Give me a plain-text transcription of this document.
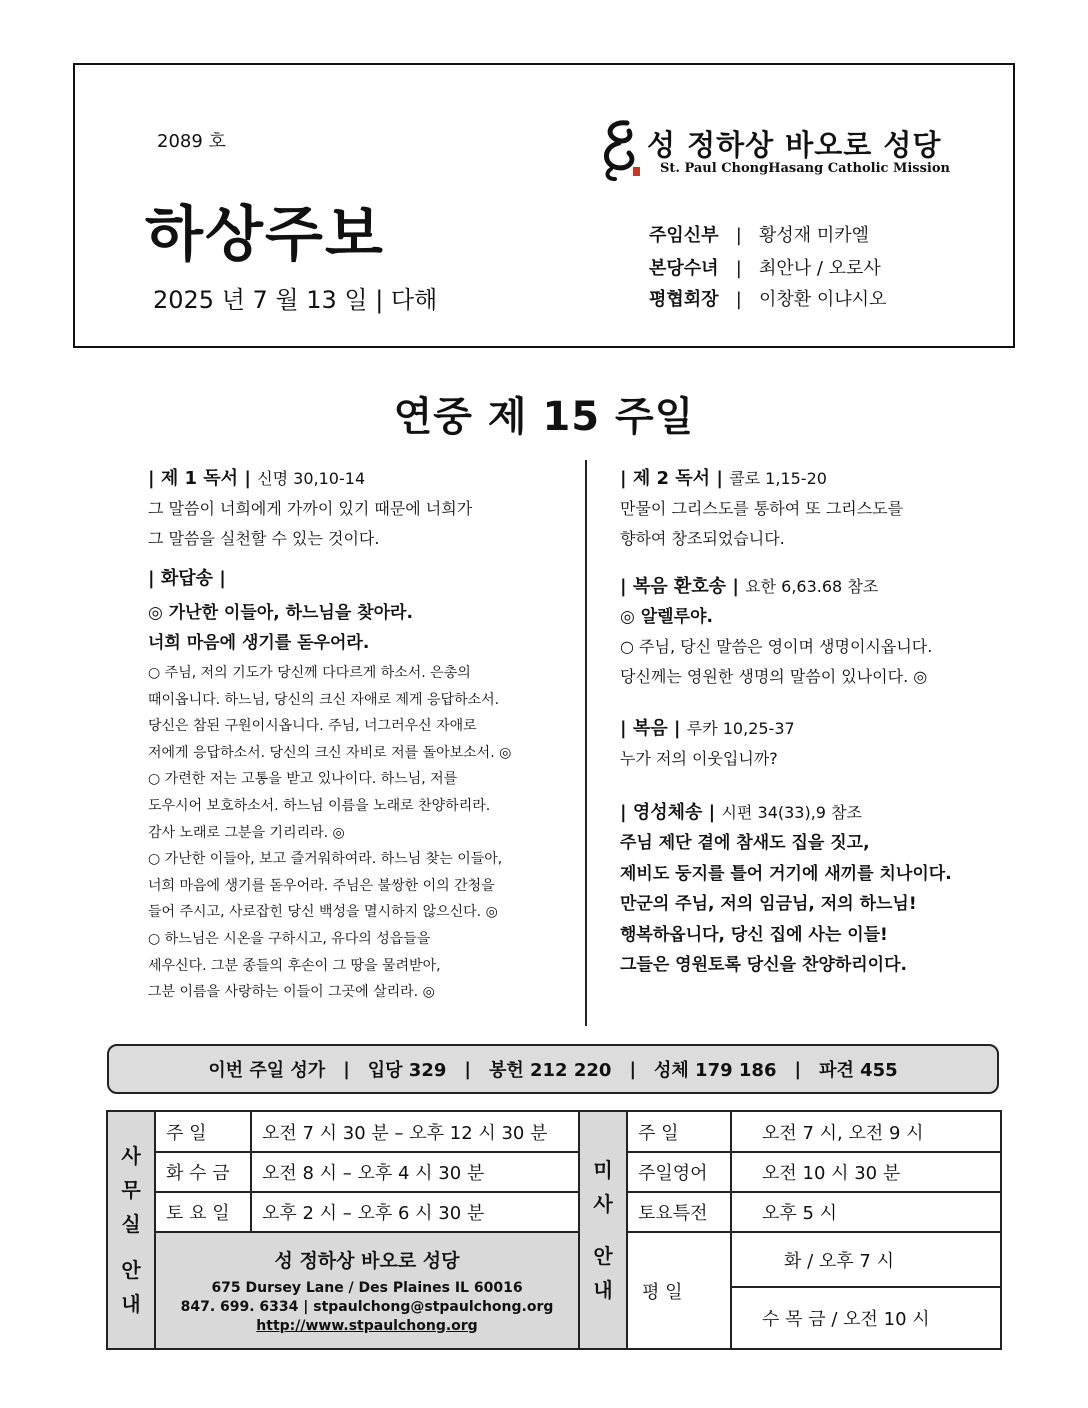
2089 호
하상주보
2025 년 7 월 13 일 | 다해
성 정하상 바오로 성당
St. Paul ChongHasang Catholic Mission
주임신부   |   황성재 미카엘
본당수녀   |   최안나 / 오로사
평협회장   |   이창환 이냐시오
연중 제 15 주일
| 제 1 독서 | 신명 30,10-14
그 말씀이 너희에게 가까이 있기 때문에 너희가
그 말씀을 실천할 수 있는 것이다.
| 화답송 |
◎ 가난한 이들아, 하느님을 찾아라.
너희 마음에 생기를 돋우어라.
○ 주님, 저의 기도가 당신께 다다르게 하소서. 은총의
때이옵니다. 하느님, 당신의 크신 자애로 제게 응답하소서.
당신은 참된 구원이시옵니다. 주님, 너그러우신 자애로
저에게 응답하소서. 당신의 크신 자비로 저를 돌아보소서. ◎
○ 가련한 저는 고통을 받고 있나이다. 하느님, 저를
도우시어 보호하소서. 하느님 이름을 노래로 찬양하리라.
감사 노래로 그분을 기리리라. ◎
○ 가난한 이들아, 보고 즐거워하여라. 하느님 찾는 이들아,
너희 마음에 생기를 돋우어라. 주님은 불쌍한 이의 간청을
들어 주시고, 사로잡힌 당신 백성을 멸시하지 않으신다. ◎
○ 하느님은 시온을 구하시고, 유다의 성읍들을
세우신다. 그분 종들의 후손이 그 땅을 물려받아,
그분 이름을 사랑하는 이들이 그곳에 살리라. ◎
| 제 2 독서 | 콜로 1,15-20
만물이 그리스도를 통하여 또 그리스도를
향하여 창조되었습니다.
| 복음 환호송 | 요한 6,63.68 참조
◎ 알렐루야.
○ 주님, 당신 말씀은 영이며 생명이시옵니다.
당신께는 영원한 생명의 말씀이 있나이다. ◎
| 복음 | 루카 10,25-37
누가 저의 이웃입니까?
| 영성체송 | 시편 34(33),9 참조
주님 제단 곁에 참새도 집을 짓고,
제비도 둥지를 틀어 거기에 새끼를 치나이다.
만군의 주님, 저의 임금님, 저의 하느님!
행복하옵니다, 당신 집에 사는 이들!
그들은 영원토록 당신을 찬양하리이다.
이번 주일 성가 | 입당 329 | 봉헌 212 220 | 성체 179 186 | 파견 455
사
무
실
안
내
주 일	오전 7 시 30 분 – 오후 12 시 30 분
화 수 금	오전 8 시 – 오후 4 시 30 분
토 요 일	오후 2 시 – 오후 6 시 30 분
성 정하상 바오로 성당
675 Dursey Lane / Des Plaines IL 60016
847. 699. 6334 | stpaulchong@stpaulchong.org
http://www.stpaulchong.org
미
사
안
내
주 일	오전 7 시, 오전 9 시
주일영어	오전 10 시 30 분
토요특전	오후 5 시
평 일
화 / 오후 7 시
수 목 금 / 오전 10 시
